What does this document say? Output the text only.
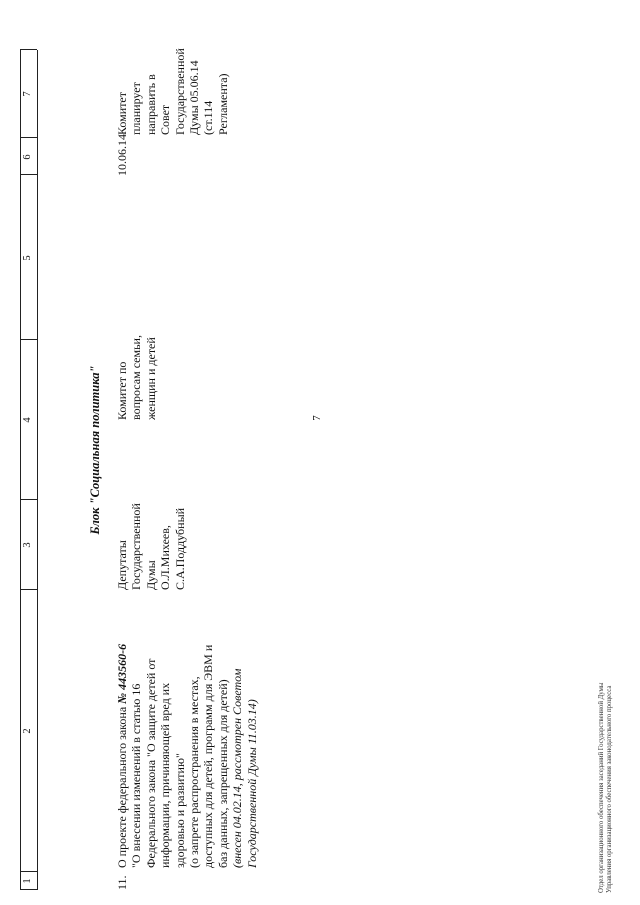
7
1
2
3
4
5
6
7
Блок "Социальная политика"
11.
О проекте федерального закона № 443560-6 "О внесении изменений в статью 16 Федерального закона "О защите детей от информации, причиняющей вред их здоровью и развитию"
(о запрете распространения в местах, доступных для детей, программ для ЭВМ и баз данных, запрещенных для детей)
(внесен 04.02.14, рассмотрен Советом Государственной Думы 11.03.14)
Депутаты Государственной Думы О.Л.Михеев, С.А.Поддубный
Комитет по вопросам семьи, женщин и детей
10.06.14
Комитет планирует направить в Совет Государственной Думы 05.06.14 (ст.114 Регламента)
Отдел организационного обеспечения заседаний Государственной Думы Управления организационного обеспечения законодательного процесса
